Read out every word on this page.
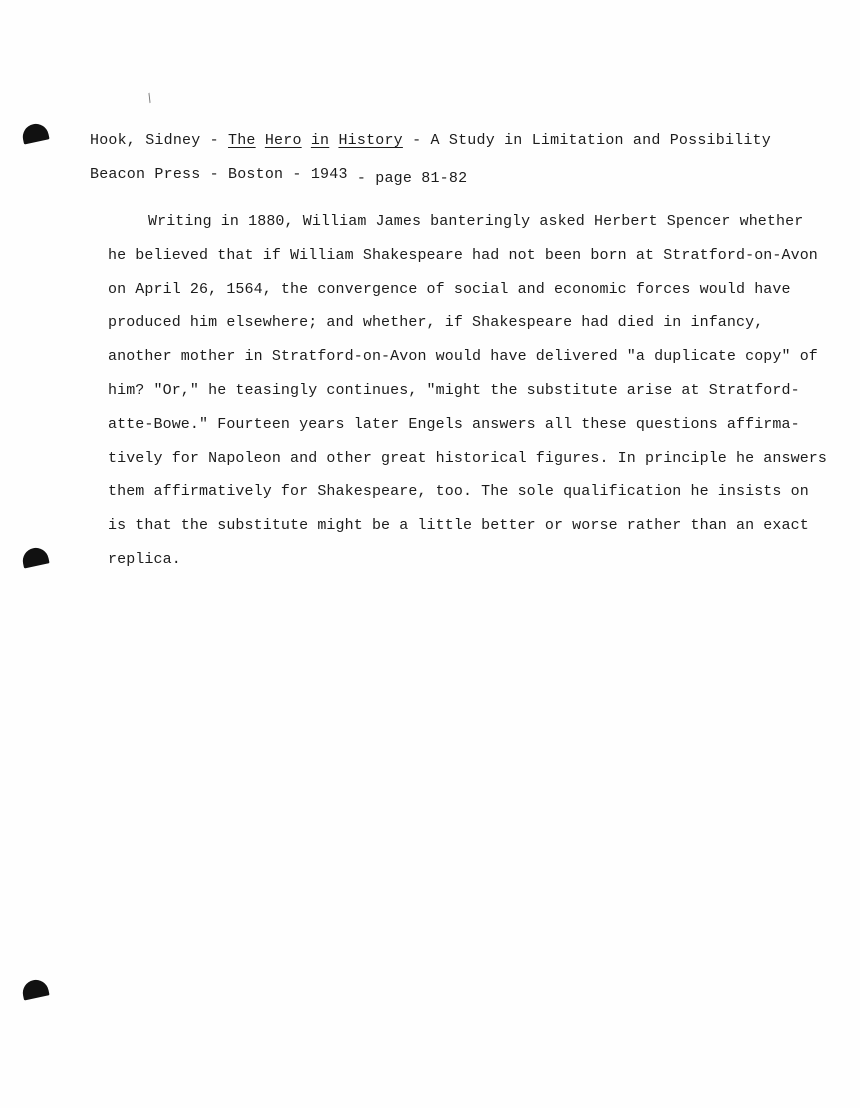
/
Hook, Sidney - The Hero in History - A Study in Limitation and Possibility
Beacon Press - Boston - 1943 - page 81-82
Writing in 1880, William James banteringly asked Herbert Spencer whether
he believed that if William Shakespeare had not been born at Stratford-on-Avon
on April 26, 1564, the convergence of social and economic forces would have
produced him elsewhere; and whether, if Shakespeare had died in infancy,
another mother in Stratford-on-Avon would have delivered "a duplicate copy" of
him? "Or," he teasingly continues, "might the substitute arise at Stratford-
atte-Bowe." Fourteen years later Engels answers all these questions affirma-
tively for Napoleon and other great historical figures. In principle he answers
them affirmatively for Shakespeare, too. The sole qualification he insists on
is that the substitute might be a little better or worse rather than an exact
replica.
